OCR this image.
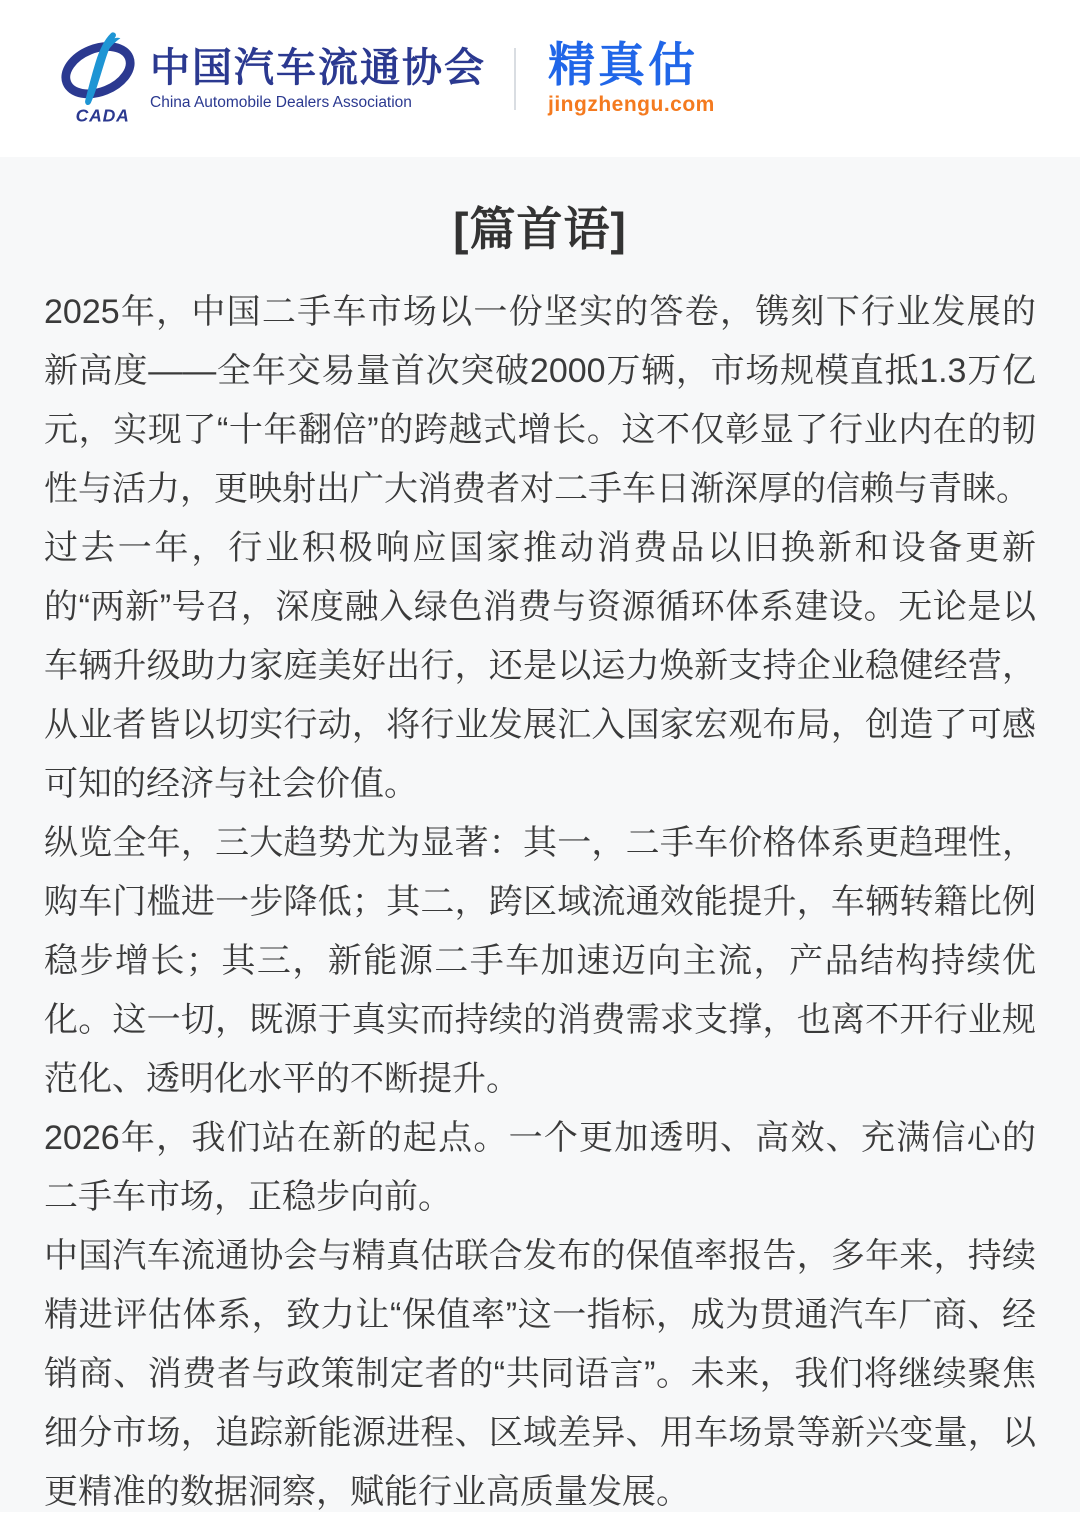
CADA
中国汽车流通协会
China Automobile Dealers Association
精真估
jingzhengu.com
[篇首语]

2025年，中国二手车市场以一份坚实的答卷，镌刻下行业发展的新高度——全年交易量首次突破2000万辆，市场规模直抵1.3万亿元，实现了“十年翻倍”的跨越式增长。这不仅彰显了行业内在的韧性与活力，更映射出广大消费者对二手车日渐深厚的信赖与青睐。

过去一年，行业积极响应国家推动消费品以旧换新和设备更新的“两新”号召，深度融入绿色消费与资源循环体系建设。无论是以车辆升级助力家庭美好出行，还是以运力焕新支持企业稳健经营，从业者皆以切实行动，将行业发展汇入国家宏观布局，创造了可感可知的经济与社会价值。

纵览全年，三大趋势尤为显著：其一，二手车价格体系更趋理性，购车门槛进一步降低；其二，跨区域流通效能提升，车辆转籍比例稳步增长；其三，新能源二手车加速迈向主流，产品结构持续优化。这一切，既源于真实而持续的消费需求支撑，也离不开行业规范化、透明化水平的不断提升。

2026年，我们站在新的起点。一个更加透明、高效、充满信心的二手车市场，正稳步向前。

中国汽车流通协会与精真估联合发布的保值率报告，多年来，持续精进评估体系，致力让“保值率”这一指标，成为贯通汽车厂商、经销商、消费者与政策制定者的“共同语言”。未来，我们将继续聚焦细分市场，追踪新能源进程、区域差异、用车场景等新兴变量，以更精准的数据洞察，赋能行业高质量发展。
